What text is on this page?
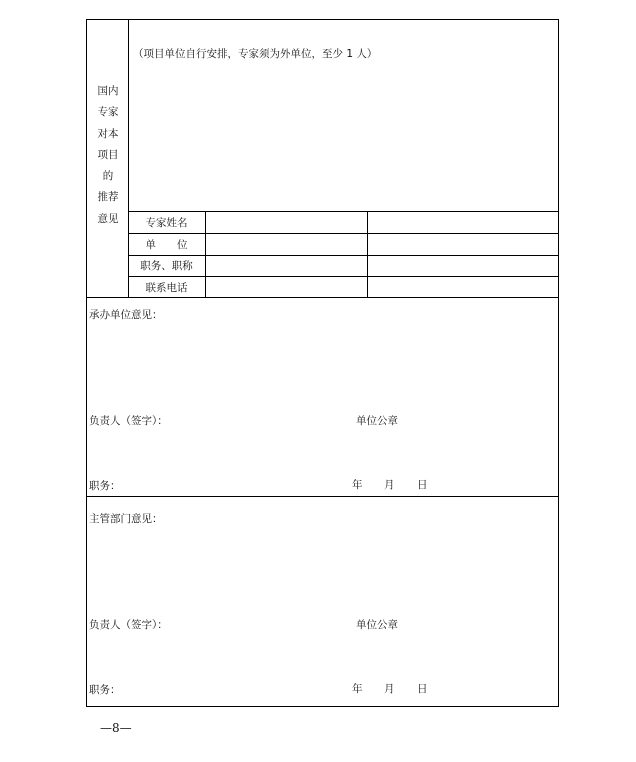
国内
专家
对本
项目
的
推荐
意见
（项目单位自行安排，专家须为外单位，至少 1 人）
专家姓名
单　　位
职务、职称
联系电话
承办单位意见：
负责人（签字）：	单位公章
职务：	年 月 日
主管部门意见：
负责人（签字）：	单位公章
职务：	年 月 日
—8—
